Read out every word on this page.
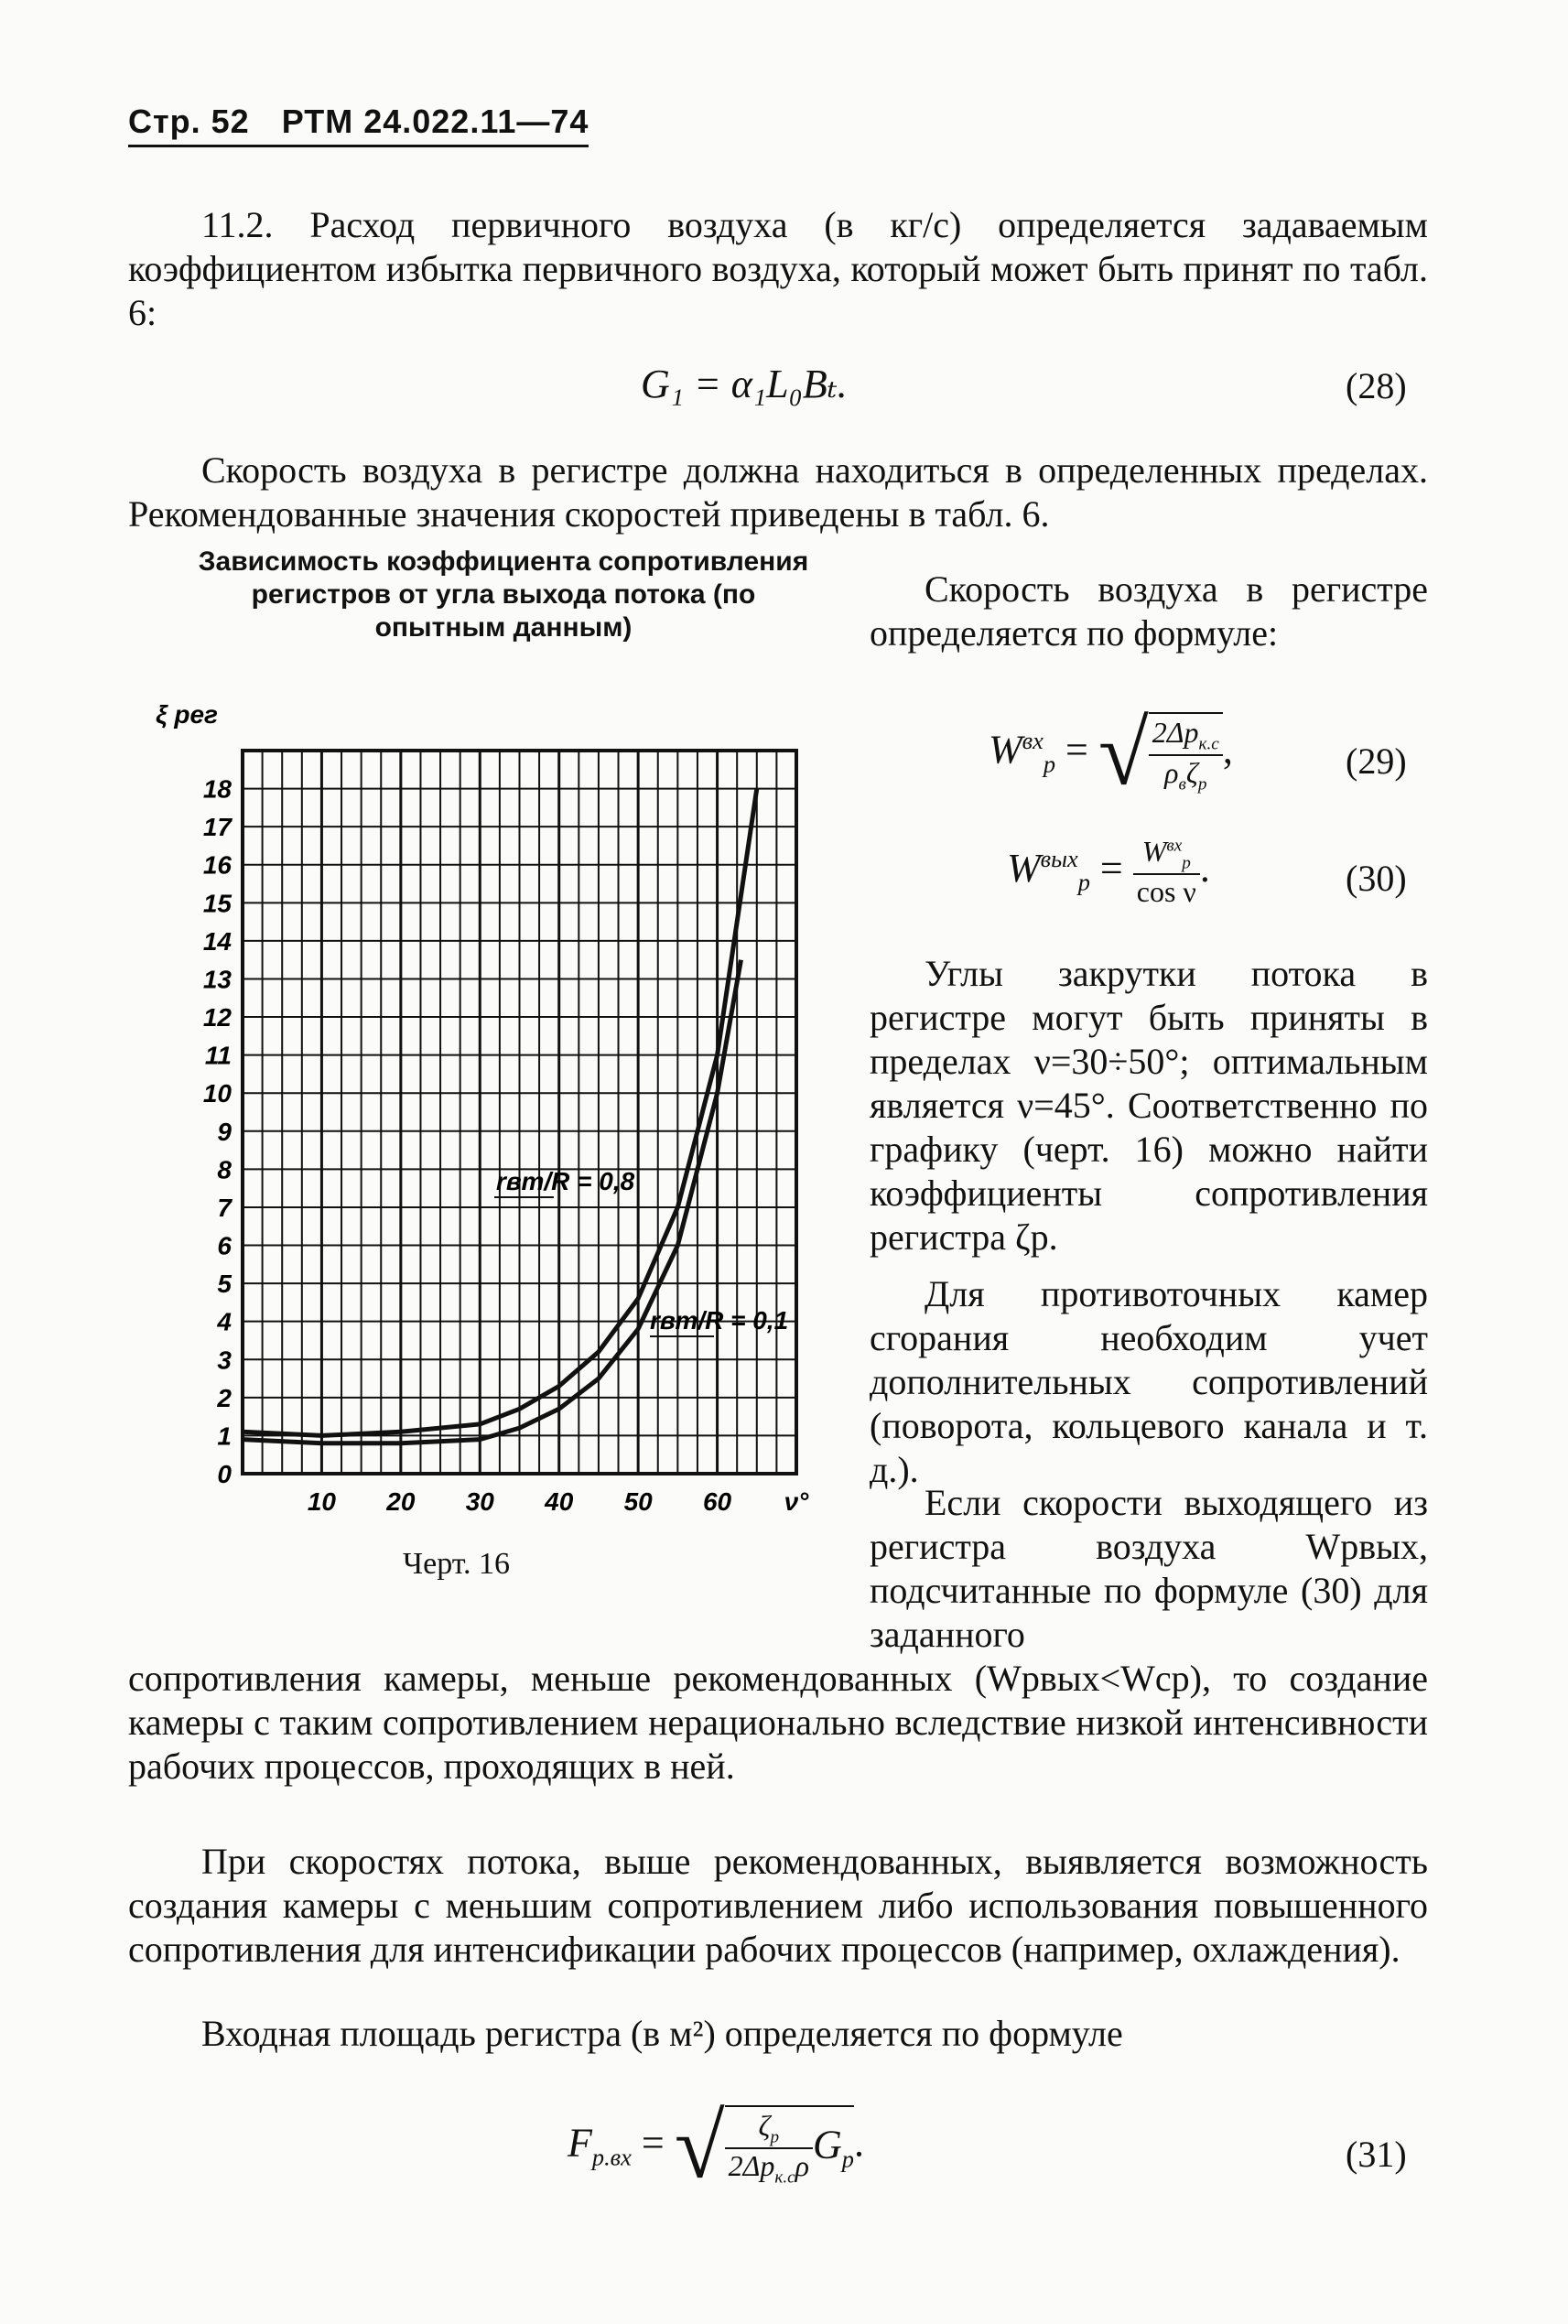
Стр. 52 РТМ 24.022.11—74

11.2. Расход первичного воздуха (в кг/с) определяется задаваемым коэффициентом избытка первичного воздуха, который может быть принят по табл. 6:

G₁ = α₁L₀Bₜ.	(28)

Скорость воздуха в регистре должна находиться в определенных пределах. Рекомендованные значения скоростей приведены в табл. 6.

Зависимость коэффициента сопротивления регистров от угла выхода потока (по опытным данным)

Скорость воздуха в регистре определяется по формуле:

$W^{вх}_р$ = √ $\frac{2\Delta p_{к.с}}{\rho_в\zeta_р}$ ,	(29)
$W^{вых}_р = \frac{W^{вх}_р}{\text{cos ν}}$ .	(30)

Углы закрутки потока в регистре могут быть приняты в пределах ν=30÷50°; оптимальным является ν=45°. Соответственно по графику (черт. 16) можно найти коэффициенты сопротивления регистра ζр.

Для противоточных камер сгорания необходим учет дополнительных сопротивлений (поворота, кольцевого канала и т. д.).

Если скорости выходящего из регистра воздуха Wрвых, подсчитанные по формуле (30) для заданного

сопротивления камеры, меньше рекомендованных (Wрвых<Wср), то создание камеры с таким сопротивлением нерационально вследствие низкой интенсивности рабочих процессов, проходящих в ней.

При скоростях потока, выше рекомендованных, выявляется возможность создания камеры с меньшим сопротивлением либо использования повышенного сопротивления для интенсификации рабочих процессов (например, охлаждения).

Входная площадь регистра (в м²) определяется по формуле

$F_{р.вх}$ = √ $\frac{\zeta_р}{2\Delta p_{к.с}\rho} G_р$.	(31)
0
1
2
3
4
5
6
7
8
9
10
11
12
13
14
15
16
17
18
10 20 30 40 50 60 ν°
ξ рег
rвт/R = 0,8
rвт/R = 0,1
Черт. 16
